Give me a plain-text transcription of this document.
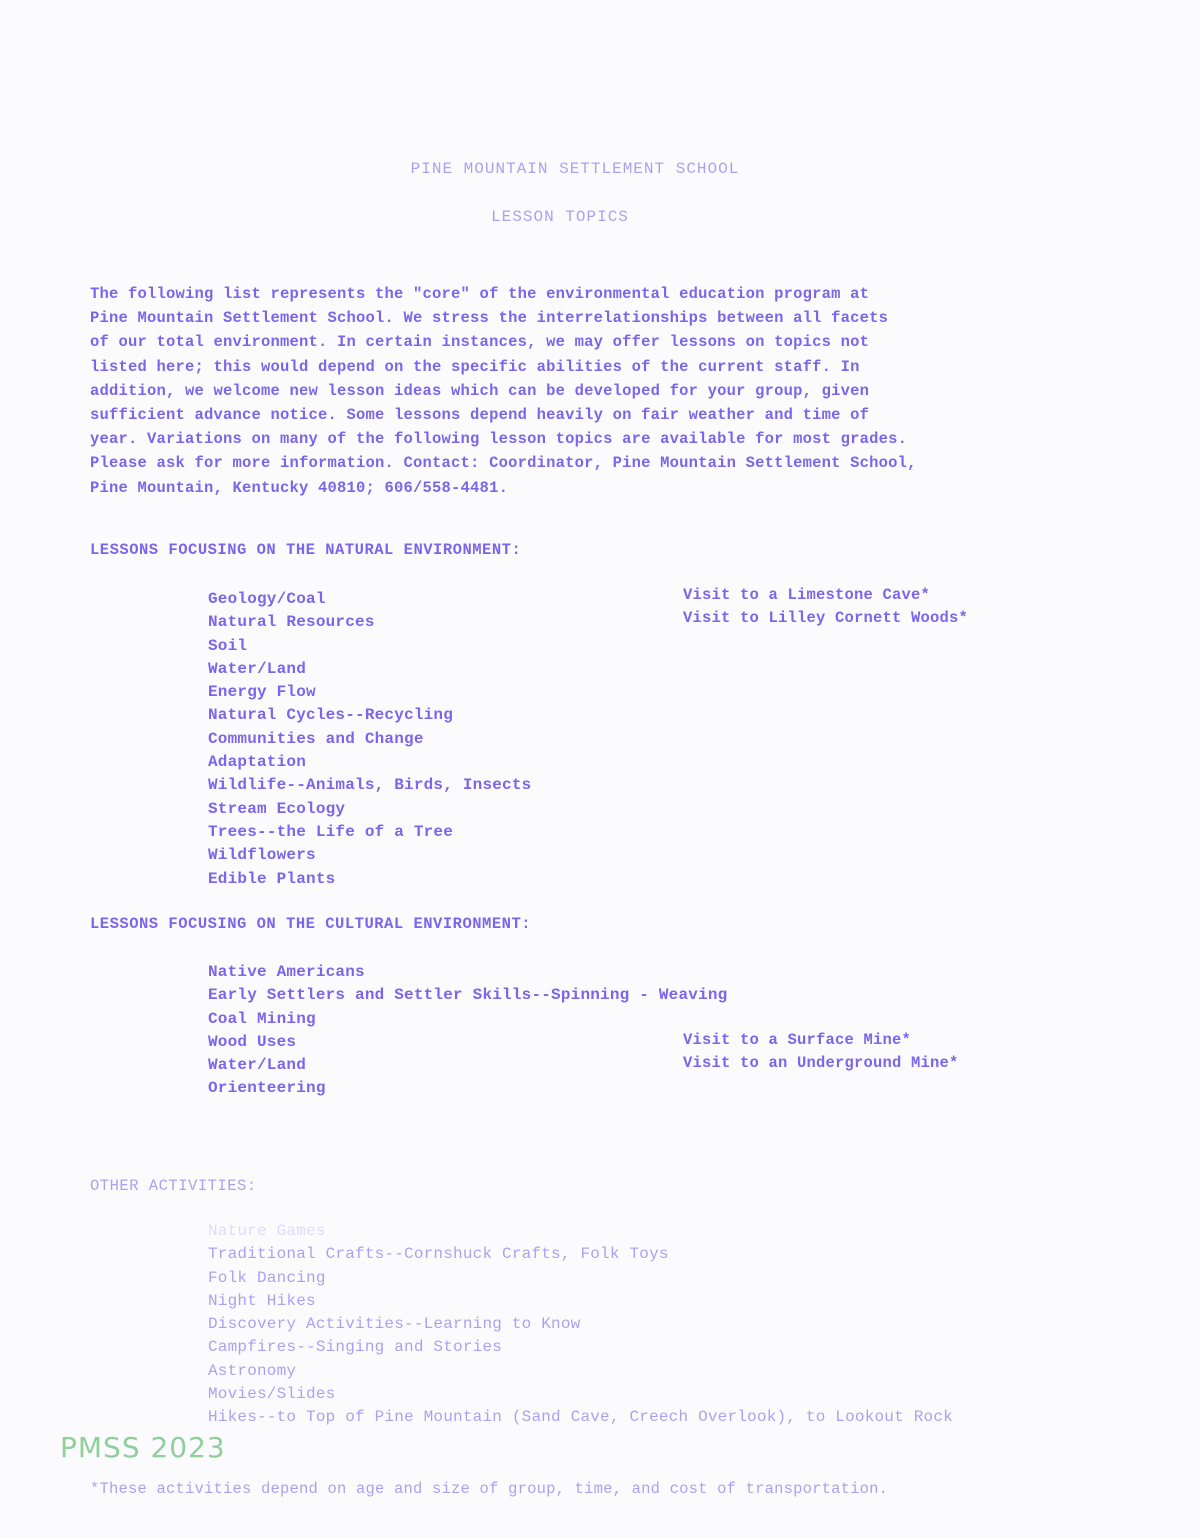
PINE MOUNTAIN SETTLEMENT SCHOOL
LESSON TOPICS
The following list represents the "core" of the environmental education program at
Pine Mountain Settlement School. We stress the interrelationships between all facets
of our total environment. In certain instances, we may offer lessons on topics not
listed here; this would depend on the specific abilities of the current staff. In
addition, we welcome new lesson ideas which can be developed for your group, given
sufficient advance notice. Some lessons depend heavily on fair weather and time of
year. Variations on many of the following lesson topics are available for most grades.
Please ask for more information. Contact: Coordinator, Pine Mountain Settlement School,
Pine Mountain, Kentucky 40810; 606/558-4481.
LESSONS FOCUSING ON THE NATURAL ENVIRONMENT:
Geology/Coal
Natural Resources
Soil
Water/Land
Energy Flow
Natural Cycles--Recycling
Communities and Change
Adaptation
Wildlife--Animals, Birds, Insects
Stream Ecology
Trees--the Life of a Tree
Wildflowers
Edible Plants
Visit to a Limestone Cave*
Visit to Lilley Cornett Woods*
LESSONS FOCUSING ON THE CULTURAL ENVIRONMENT:
Native Americans
Early Settlers and Settler Skills--Spinning - Weaving
Coal Mining
Wood Uses
Water/Land
Orienteering
Visit to a Surface Mine*
Visit to an Underground Mine*
OTHER ACTIVITIES:
Nature Games
Traditional Crafts--Cornshuck Crafts, Folk Toys
Folk Dancing
Night Hikes
Discovery Activities--Learning to Know
Campfires--Singing and Stories
Astronomy
Movies/Slides
Hikes--to Top of Pine Mountain (Sand Cave, Creech Overlook), to Lookout Rock
*These activities depend on age and size of group, time, and cost of transportation.
PMSS 2023
